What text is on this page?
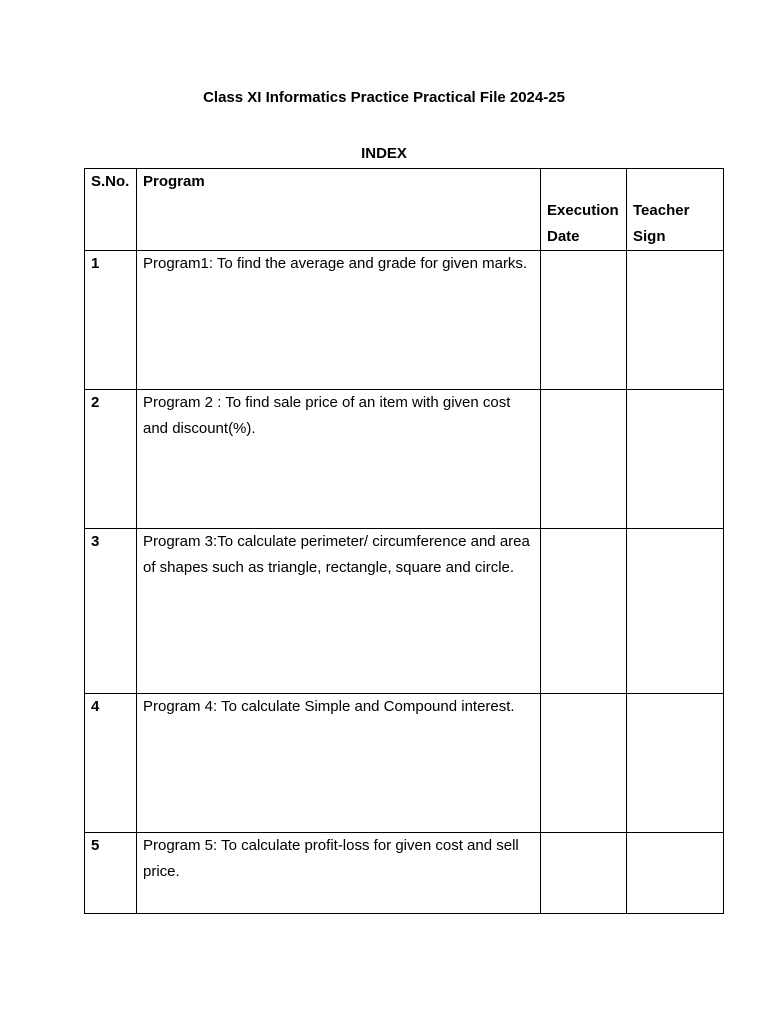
Class XI Informatics Practice Practical File 2024-25
INDEX
S.No.	Program	Execution Date	Teacher Sign
1	Program1: To find the average and grade for given marks.		
2	Program 2 : To find sale price of an item with given cost and discount(%).		
3	Program 3:To calculate perimeter/ circumference and area of shapes such as triangle, rectangle, square and circle.		
4	Program 4: To calculate Simple and Compound interest.		
5	Program 5: To calculate profit-loss for given cost and sell price.		
